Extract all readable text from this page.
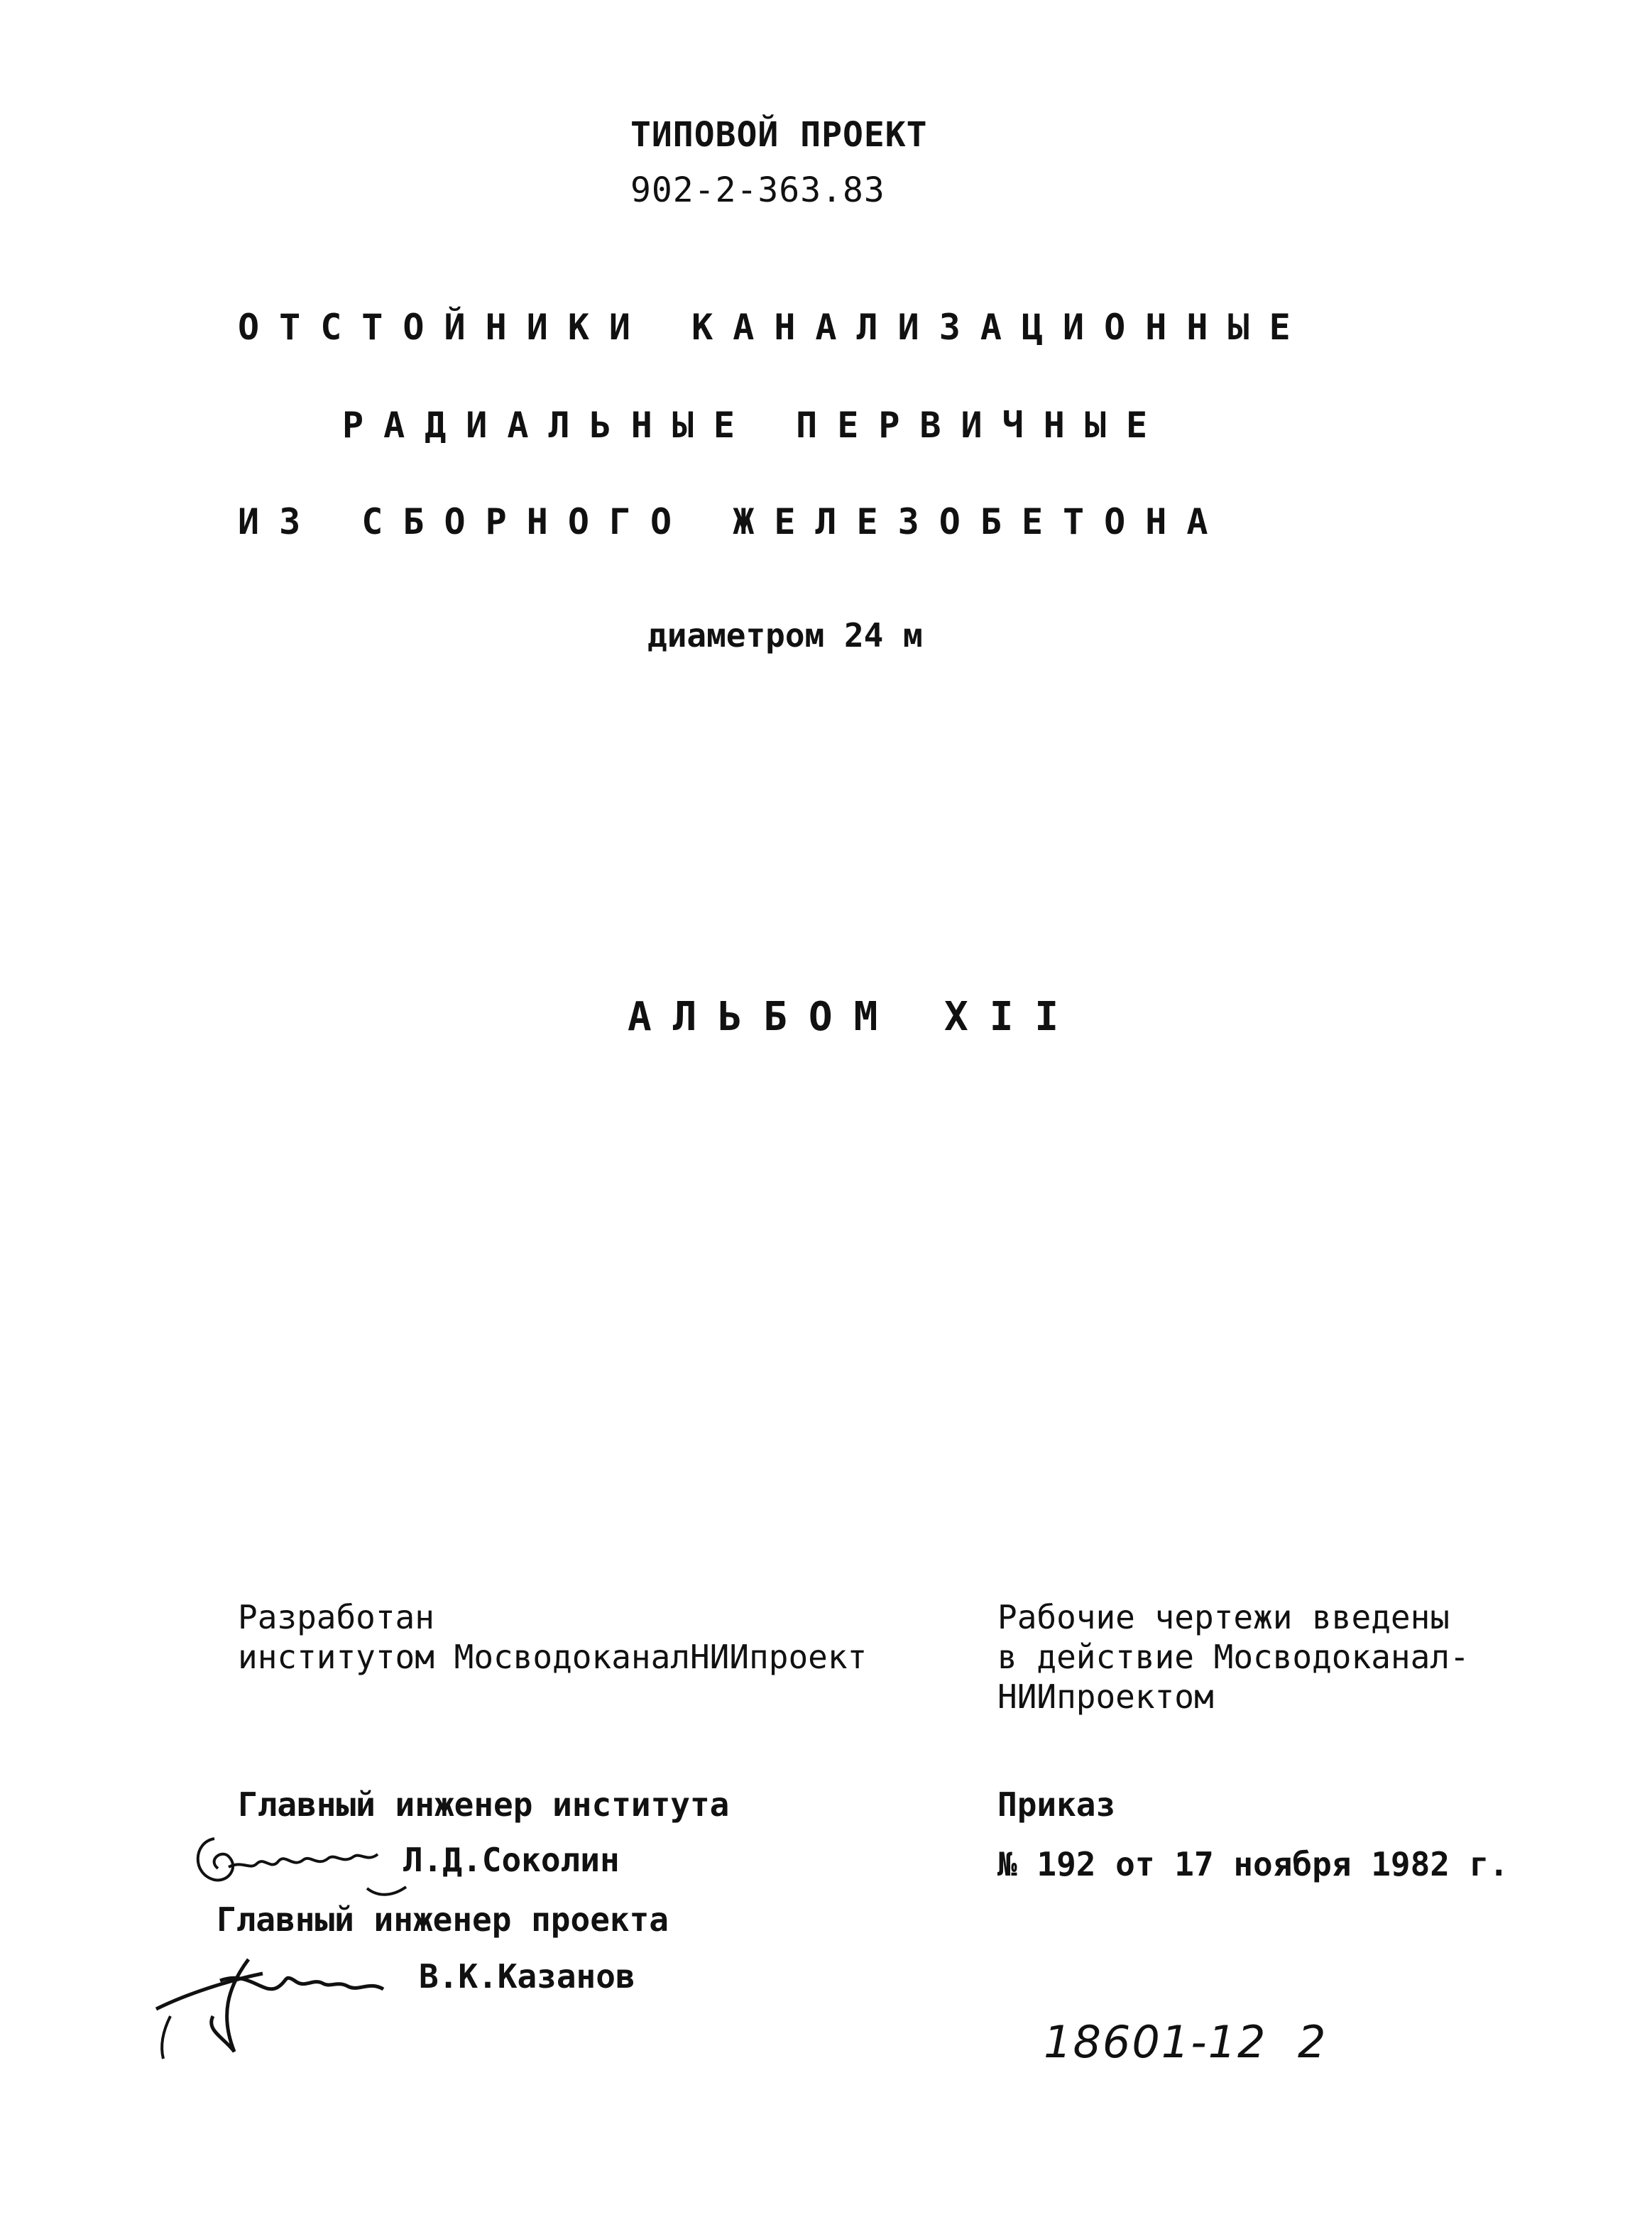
ТИПОВОЙ ПРОЕКТ
902-2-363.83
ОТСТОЙНИКИ КАНАЛИЗАЦИОННЫЕ
РАДИАЛЬНЫЕ ПЕРВИЧНЫЕ
ИЗ СБОРНОГО ЖЕЛЕЗОБЕТОНА
диаметром 24 м
АЛЬБОМ XII
Разработан
институтом МосводоканалНИИпроект
Рабочие чертежи введены
в действие Мосводоканал-
НИИпроектом
Главный инженер института
Л.Д.Соколин
Главный инженер проекта
В.К.Казанов
Приказ
№ 192 от 17 ноября 1982 г.
18601-12 2
